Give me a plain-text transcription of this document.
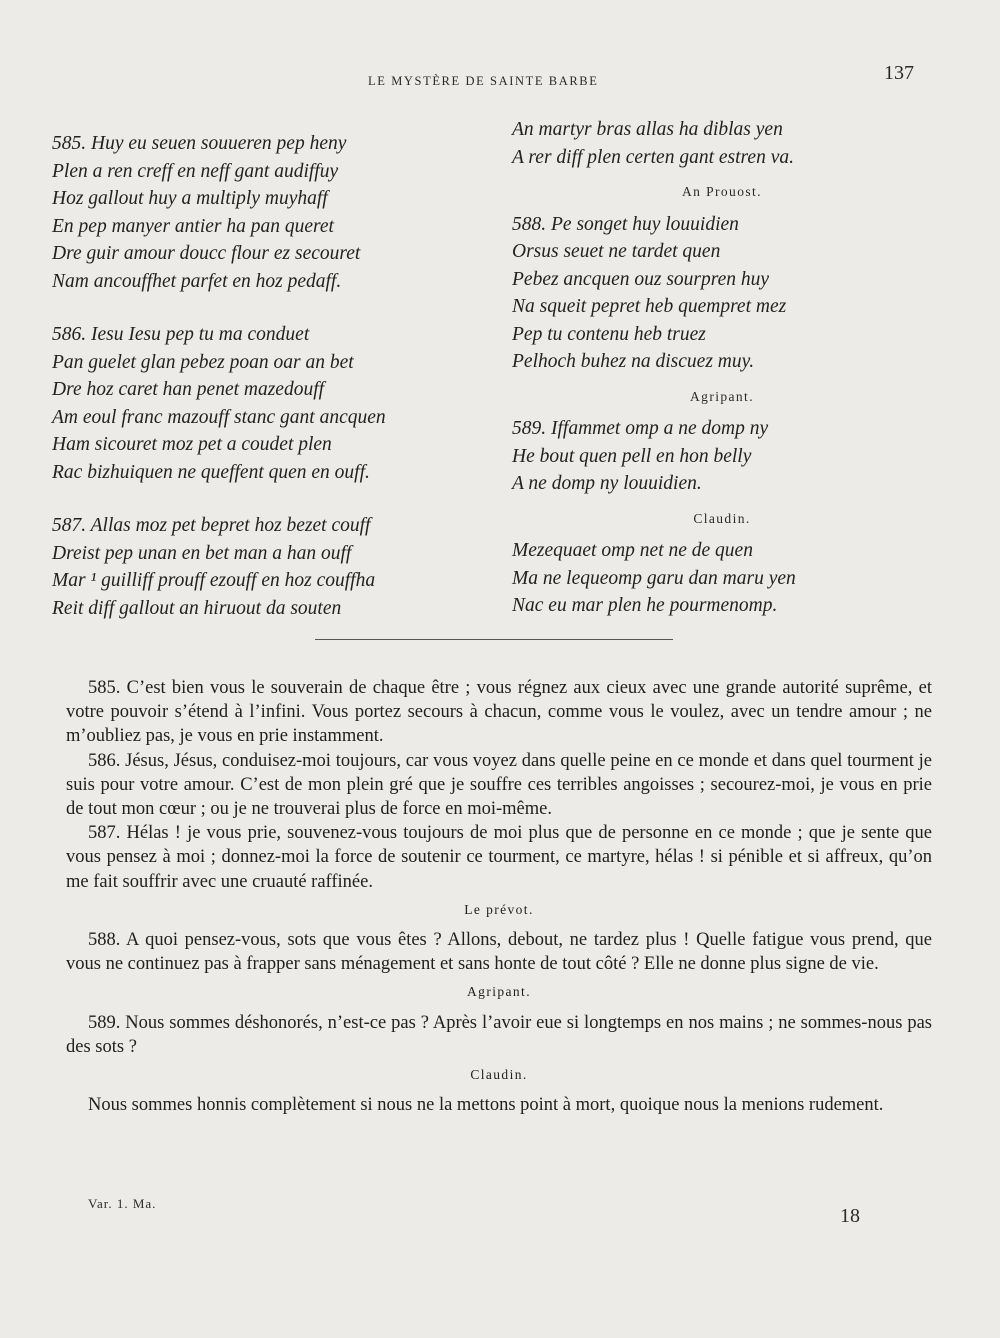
LE MYSTÈRE DE SAINTE BARBE	137
585. Huy eu seuen souueren pep heny
Plen a ren creff en neff gant audiffuy
Hoz gallout huy a multiply muyhaff
En pep manyer antier ha pan queret
Dre guir amour doucc flour ez secouret
Nam ancouffhet parfet en hoz pedaff.
586. Iesu Iesu pep tu ma conduet
Pan guelet glan pebez poan oar an bet
Dre hoz caret han penet mazedouff
Am eoul franc mazouff stanc gant ancquen
Ham sicouret moz pet a coudet plen
Rac bizhuiquen ne queffent quen en ouff.
587. Allas moz pet bepret hoz bezet couff
Dreist pep unan en bet man a han ouff
Mar ¹ guilliff prouff ezouff en hoz couffha
Reit diff gallout an hiruout da souten
An martyr bras allas ha diblas yen
A rer diff plen certen gant estren va.
An Prouost.
588. Pe songet huy louuidien
Orsus seuet ne tardet quen
Pebez ancquen ouz sourpren huy
Na squeit pepret heb quempret mez
Pep tu contenu heb truez
Pelhoch buhez na discuez muy.
Agripant.
589. Iffammet omp a ne domp ny
He bout quen pell en hon belly
A ne domp ny louuidien.
Claudin.
Mezequaet omp net ne de quen
Ma ne lequeomp garu dan maru yen
Nac eu mar plen he pourmenomp.

585. C’est bien vous le souverain de chaque être ; vous régnez aux cieux avec une grande autorité suprême, et votre pouvoir s’étend à l’infini. Vous portez secours à chacun, comme vous le voulez, avec un tendre amour ; ne m’oubliez pas, je vous en prie instamment.

586. Jésus, Jésus, conduisez-moi toujours, car vous voyez dans quelle peine en ce monde et dans quel tourment je suis pour votre amour. C’est de mon plein gré que je souffre ces terribles angoisses ; secourez-moi, je vous en prie de tout mon cœur ; ou je ne trouverai plus de force en moi-même.

587. Hélas ! je vous prie, souvenez-vous toujours de moi plus que de personne en ce monde ; que je sente que vous pensez à moi ; donnez-moi la force de soutenir ce tourment, ce martyre, hélas ! si pénible et si affreux, qu’on me fait souffrir avec une cruauté raffinée.

Le prévot.

588. A quoi pensez-vous, sots que vous êtes ? Allons, debout, ne tardez plus ! Quelle fatigue vous prend, que vous ne continuez pas à frapper sans ménagement et sans honte de tout côté ? Elle ne donne plus signe de vie.

Agripant.

589. Nous sommes déshonorés, n’est-ce pas ? Après l’avoir eue si longtemps en nos mains ; ne sommes-nous pas des sots ?

Claudin.

Nous sommes honnis complètement si nous ne la mettons point à mort, quoique nous la menions rudement.

Var. 1. Ma.
18
